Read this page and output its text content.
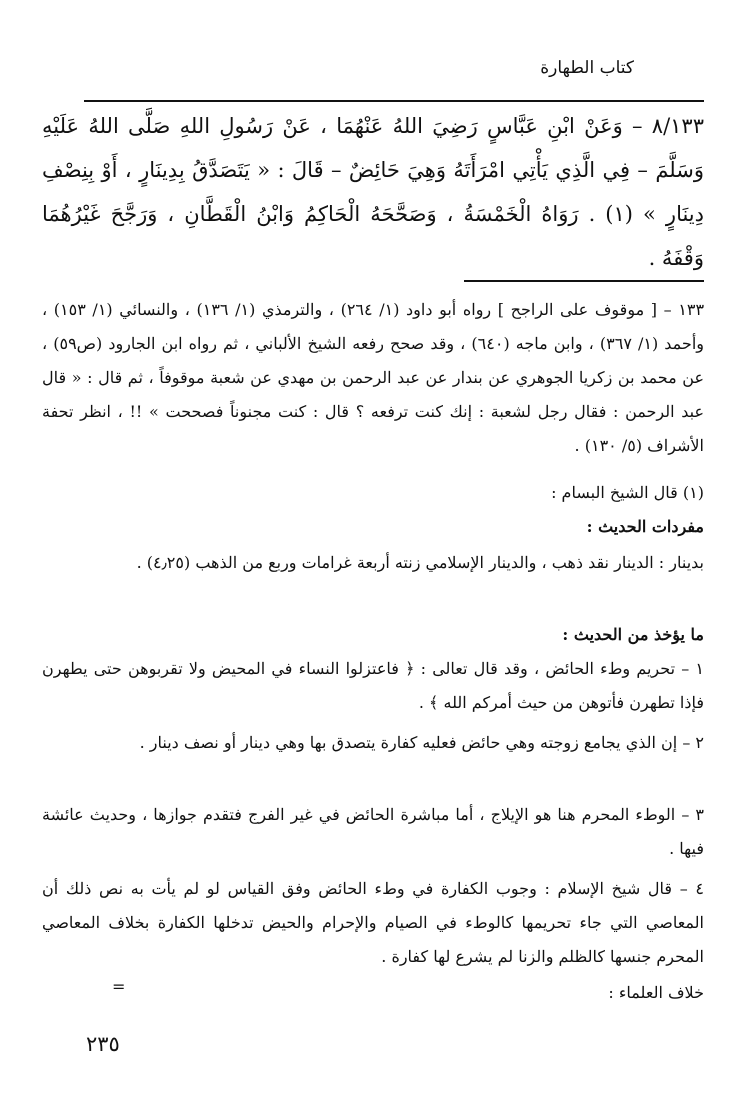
كتاب الطهارة

٨/١٣٣ – وَعَنْ ابْنِ عَبَّاسٍ رَضِيَ اللهُ عَنْهُمَا ، عَنْ رَسُولِ اللهِ صَلَّى اللهُ عَلَيْهِ وَسَلَّمَ – فِي الَّذِي يَأْتِي امْرَأَتَهُ وَهِيَ حَائِضٌ – قَالَ : « يَتَصَدَّقُ بِدِينَارٍ ، أَوْ بِنِصْفِ دِينَارٍ » (١) . رَوَاهُ الْخَمْسَةُ ، وَصَحَّحَهُ الْحَاكِمُ وَابْنُ الْقَطَّانِ ، وَرَجَّحَ غَيْرُهُمَا وَقْفَهُ .

١٣٣ – [ موقوف على الراجح ] رواه أبو داود (١/ ٢٦٤) ، والترمذي (١/ ١٣٦) ، والنسائي (١/ ١٥٣) ، وأحمد (١/ ٣٦٧) ، وابن ماجه (٦٤٠) ، وقد صحح رفعه الشيخ الألباني ، ثم رواه ابن الجارود (ص٥٩) ، عن محمد بن زكريا الجوهري عن بندار عن عبد الرحمن بن مهدي عن شعبة موقوفاً ، ثم قال : « قال عبد الرحمن : فقال رجل لشعبة : إنك كنت ترفعه ؟ قال : كنت مجنوناً فصححت » !! ، انظر تحفة الأشراف (٥/ ١٣٠) .

(١) قال الشيخ البسام :

مفردات الحديث :

بدينار : الدينار نقد ذهب ، والدينار الإسلامي زنته أربعة غرامات وربع من الذهب (٤٫٢٥) .

ما يؤخذ من الحديث :

١ – تحريم وطء الحائض ، وقد قال تعالى : ﴿ فاعتزلوا النساء في المحيض ولا تقربوهن حتى يطهرن فإذا تطهرن فأتوهن من حيث أمركم الله ﴾ .

٢ – إن الذي يجامع زوجته وهي حائض فعليه كفارة يتصدق بها وهي دينار أو نصف دينار .

٣ – الوطء المحرم هنا هو الإيلاج ، أما مباشرة الحائض في غير الفرج فتقدم جوازها ، وحديث عائشة فيها .

٤ – قال شيخ الإسلام : وجوب الكفارة في وطء الحائض وفق القياس لو لم يأت به نص ذلك أن المعاصي التي جاء تحريمها كالوطء في الصيام والإحرام والحيض تدخلها الكفارة بخلاف المعاصي المحرم جنسها كالظلم والزنا لم يشرع لها كفارة .

خلاف العلماء :

=
٢٣٥
